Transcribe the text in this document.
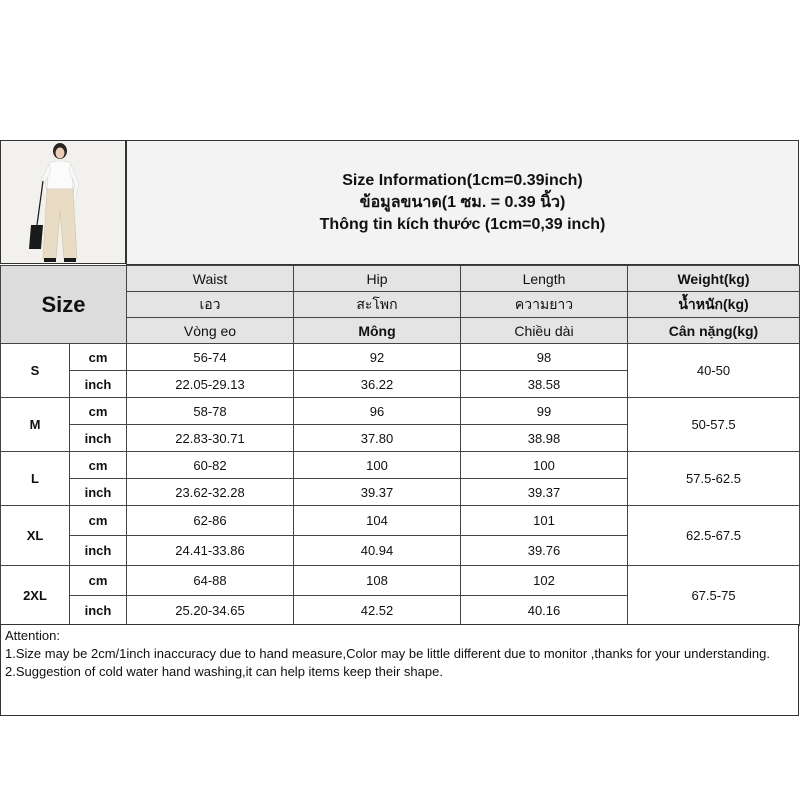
Size Information(1cm=0.39inch)
ข้อมูลขนาด(1 ซม. = 0.39 นิ้ว)
Thông tin kích thước (1cm=0,39 inch)
Size		Waist	Hip	Length	Weight(kg)
		เอว	สะโพก	ความยาว	น้ำหนัก(kg)
		Vòng eo	Mông	Chiều dài	Cân nặng(kg)
S	cm	56-74	92	98	40-50
	inch	22.05-29.13	36.22	38.58	
M	cm	58-78	96	99	50-57.5
	inch	22.83-30.71	37.80	38.98	
L	cm	60-82	100	100	57.5-62.5
	inch	23.62-32.28	39.37	39.37	
XL	cm	62-86	104	101	62.5-67.5
	inch	24.41-33.86	40.94	39.76	
2XL	cm	64-88	108	102	67.5-75
	inch	25.20-34.65	42.52	40.16	
Attention:
1.Size may be 2cm/1inch inaccuracy due to hand measure,Color may be little different due to monitor ,thanks for your understanding.
2.Suggestion of cold water hand washing,it can help items keep their shape.
